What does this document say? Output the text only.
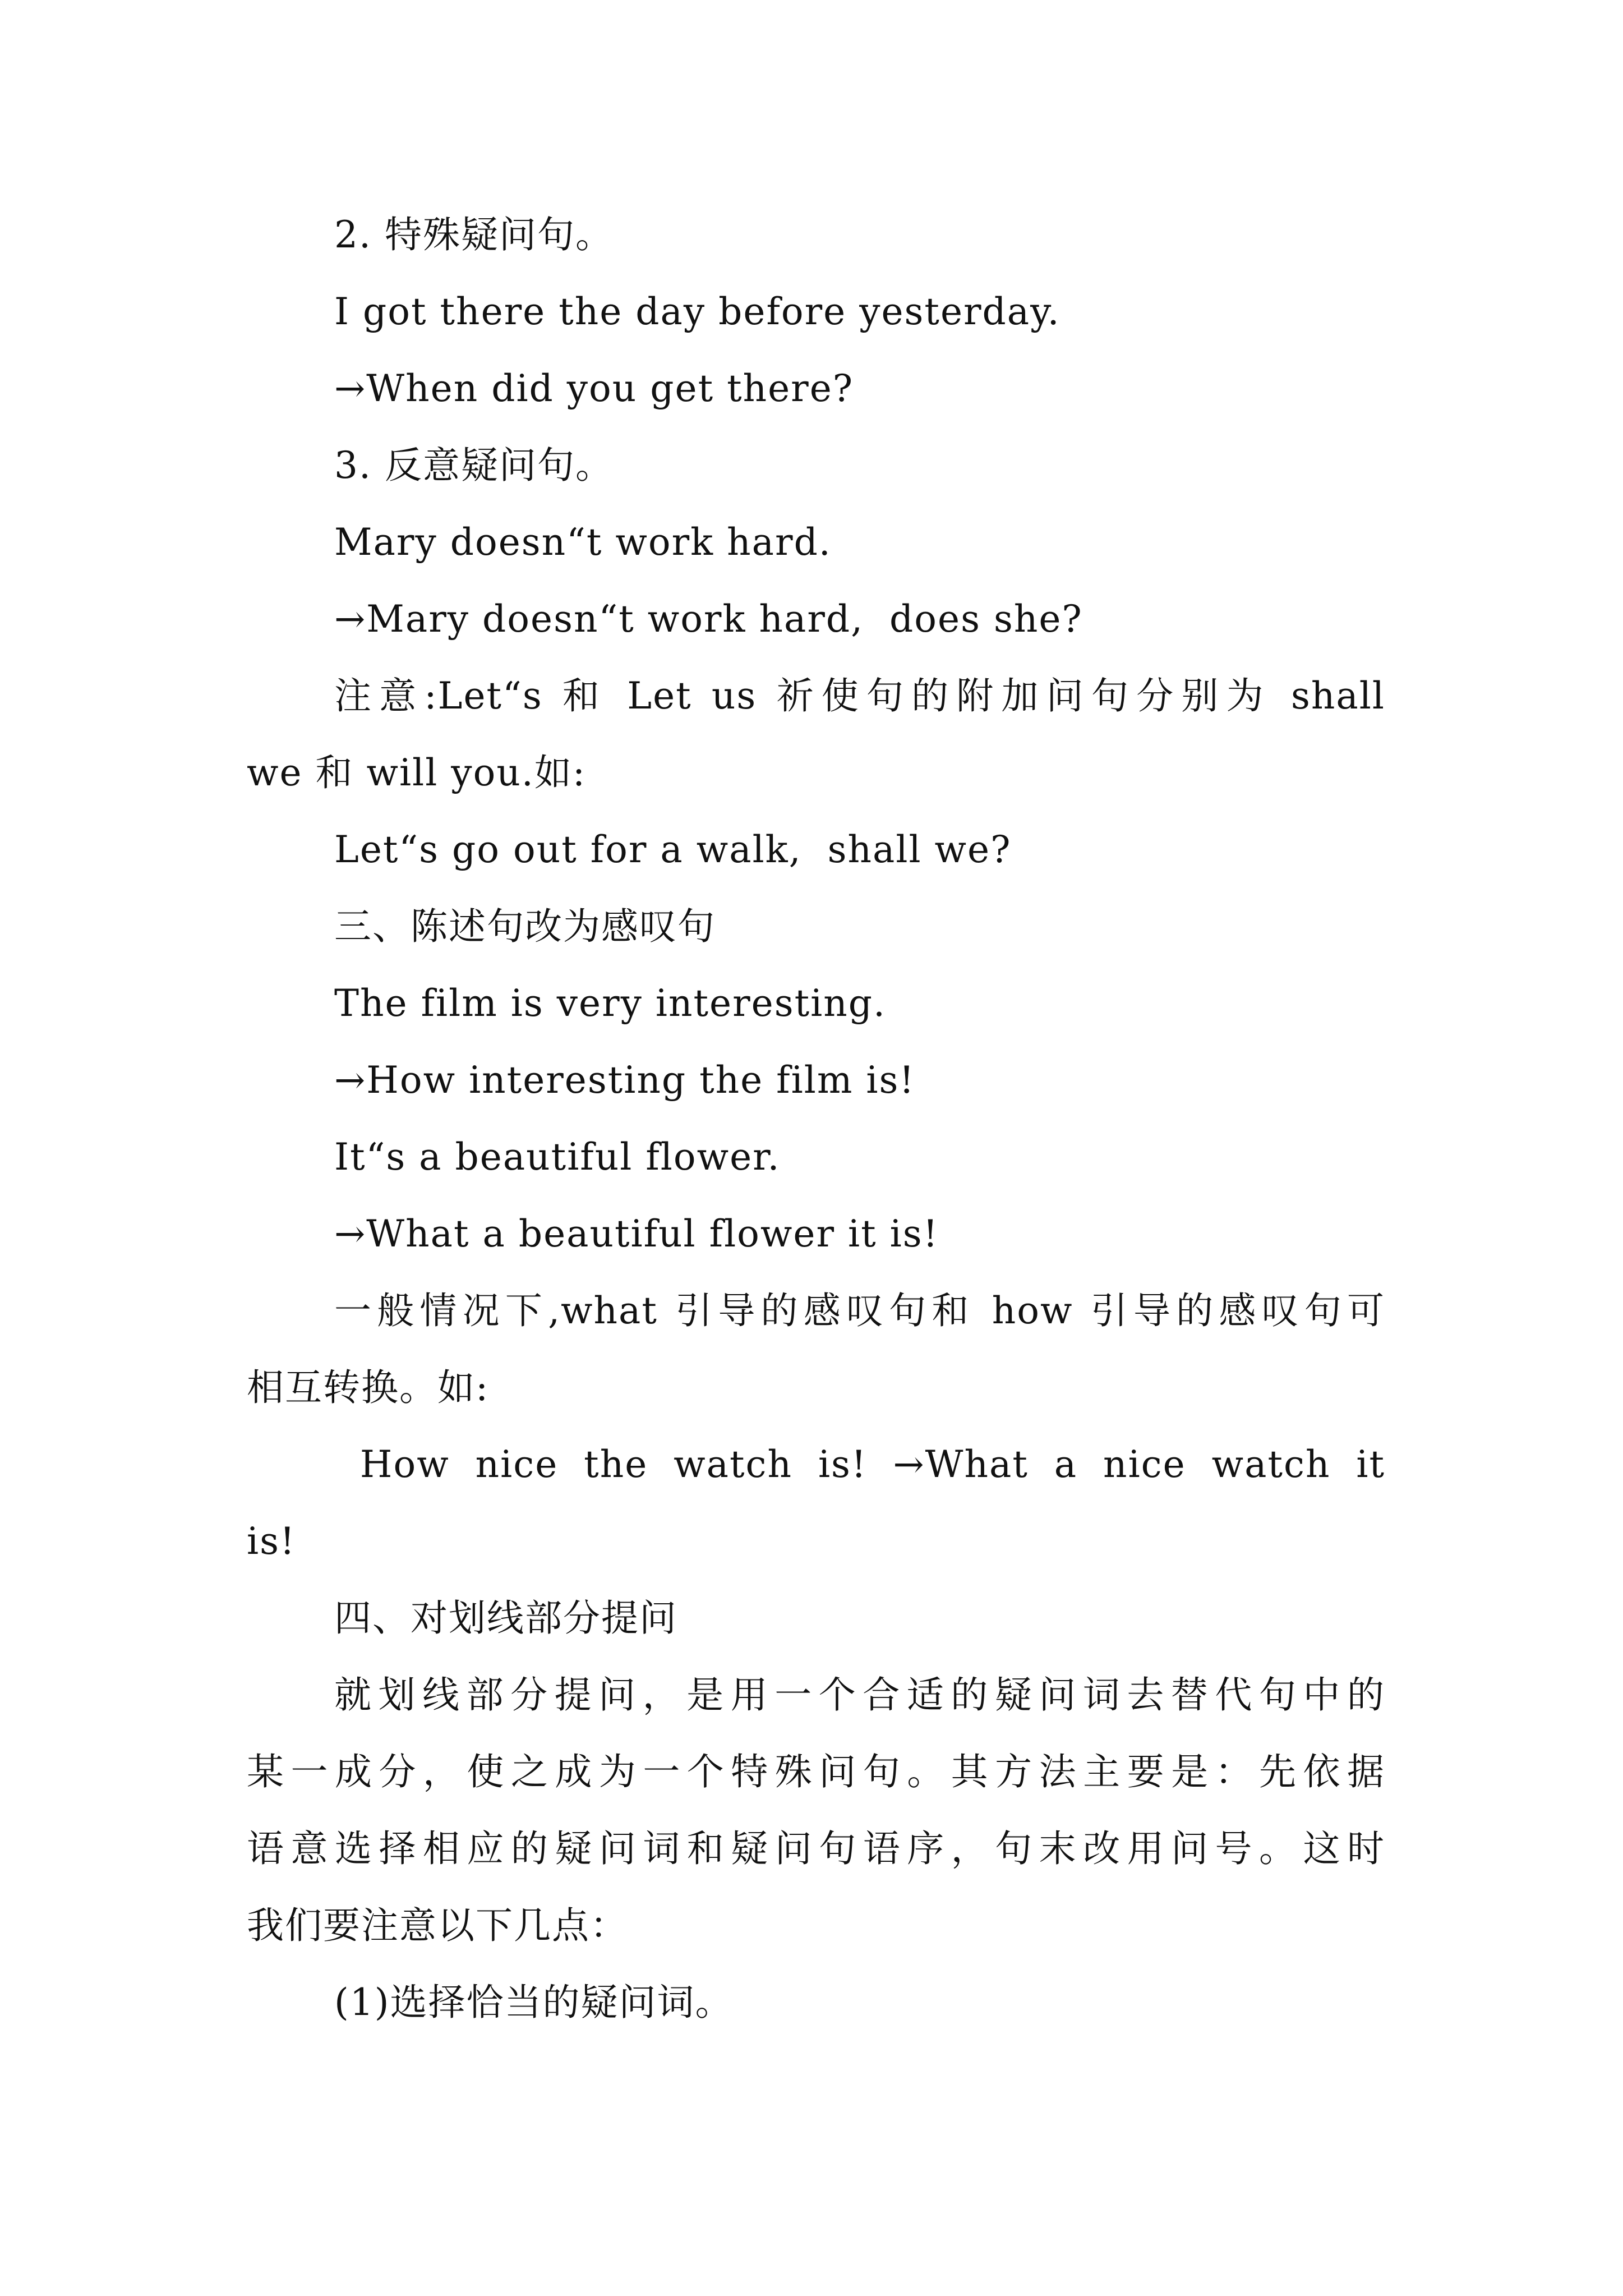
2. 特殊疑问句。

I got there the day before yesterday.

→When did you get there?

3. 反意疑问句。

Mary doesn“t work hard.

→Mary doesn“t work hard,  does she?

注意:Let“s 和 Let us 祈使句的附加问句分别为 shall

we 和 will you.如:

Let“s go out for a walk,  shall we?

三、陈述句改为感叹句

The film is very interesting.

→How interesting the film is!

It“s a beautiful flower.

→What a beautiful flower it is!

一般情况下,what 引导的感叹句和 how 引导的感叹句可

相互转换。如:

How nice the watch is! →What a nice watch it

is!

四、对划线部分提问

就划线部分提问，是用一个合适的疑问词去替代句中的

某一成分，使之成为一个特殊问句。其方法主要是：先依据

语意选择相应的疑问词和疑问句语序，句末改用问号。这时

我们要注意以下几点：

(1)选择恰当的疑问词。
